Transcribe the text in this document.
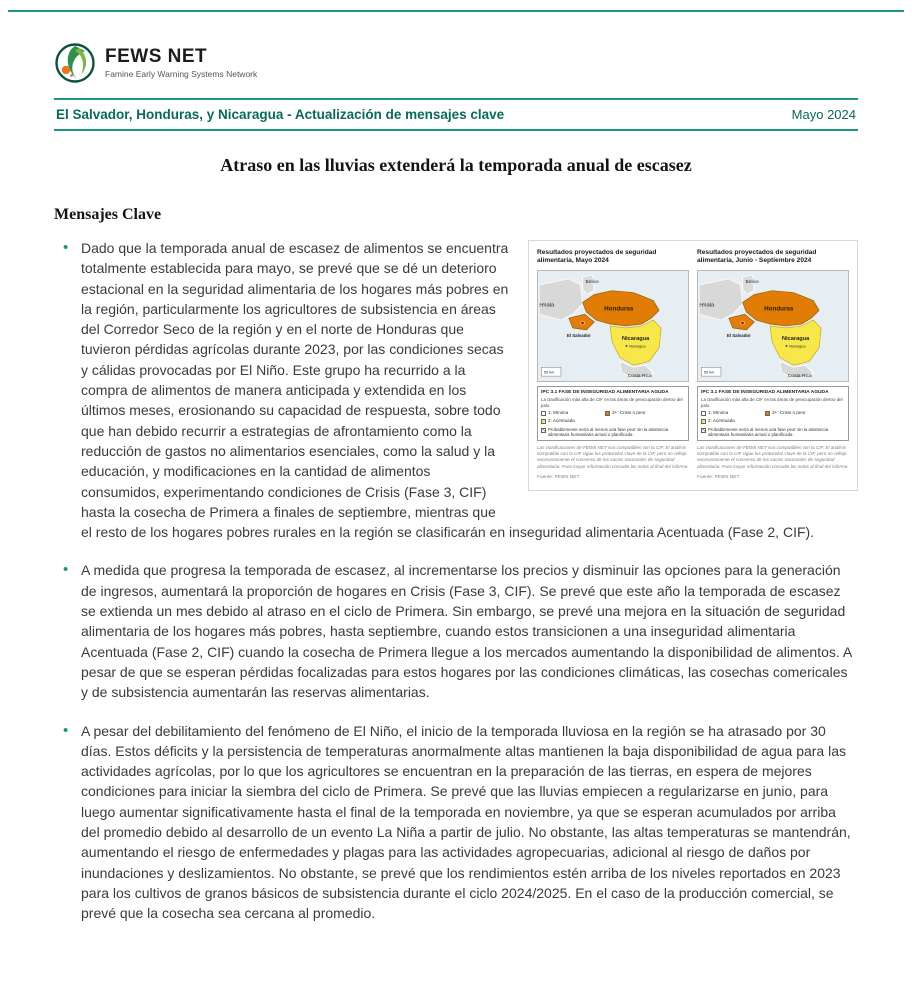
FEWS NET
Famine Early Warning Systems Network
El Salvador, Honduras, y Nicaragua - Actualización de mensajes clave	Mayo 2024
Atraso en las lluvias extenderá la temporada anual de escasez
Mensajes Clave
Resultados proyectados de seguridad alimentaria, Mayo 2024
IPC 3.1 FASE DE INSEGURIDAD ALIMENTARIA AGUDA
La clasificación más alta de CIF en las áreas de preocupación dentro del país
1: Mínima	3+: Crisis o peor
2: Acentuada
Probablemente sería al menos una fase peor sin la asistencia alimentaria humanitaria actual o planificada
Las clasificaciones de FEWS NET son compatibles con la CIF. El análisis compatible con la CIF sigue los protocolos clave de la CIF, pero no refleja necesariamente el consenso de los socios nacionales de seguridad alimentaria. Para mayor información consulte las notas al final del informe.
Fuente: FEWS NET
Resultados proyectados de seguridad alimentaria, Junio - Septiembre 2024
IPC 3.1 FASE DE INSEGURIDAD ALIMENTARIA AGUDA
La clasificación más alta de CIF en las áreas de preocupación dentro del país
1: Mínima	3+: Crisis o peor
2: Acentuada
Probablemente sería al menos una fase peor sin la asistencia alimentaria humanitaria actual o planificada
Las clasificaciones de FEWS NET son compatibles con la CIF. El análisis compatible con la CIF sigue los protocolos clave de la CIF, pero no refleja necesariamente el consenso de los socios nacionales de seguridad alimentaria. Para mayor información consulte las notas al final del informe.
Fuente: FEWS NET
• Dado que la temporada anual de escasez de alimentos se encuentra totalmente establecida para mayo, se prevé que se dé un deterioro estacional en la seguridad alimentaria de los hogares más pobres en la región, particularmente los agricultores de subsistencia en áreas del Corredor Seco de la región y en el norte de Honduras que tuvieron pérdidas agrícolas durante 2023, por las condiciones secas y cálidas provocadas por El Niño. Este grupo ha recurrido a la compra de alimentos de manera anticipada y extendida en los últimos meses, erosionando su capacidad de respuesta, sobre todo que han debido recurrir a estrategias de afrontamiento como la reducción de gastos no alimentarios esenciales, como la salud y la educación, y modificaciones en la cantidad de alimentos consumidos, experimentando condiciones de Crisis (Fase 3, CIF) hasta la cosecha de Primera a finales de septiembre, mientras que el resto de los hogares pobres rurales en la región se clasificarán en inseguridad alimentaria Acentuada (Fase 2, CIF).
• A medida que progresa la temporada de escasez, al incrementarse los precios y disminuir las opciones para la generación de ingresos, aumentará la proporción de hogares en Crisis (Fase 3, CIF). Se prevé que este año la temporada de escasez se extienda un mes debido al atraso en el ciclo de Primera. Sin embargo, se prevé una mejora en la situación de seguridad alimentaria de los hogares más pobres, hasta septiembre, cuando estos transicionen a una inseguridad alimentaria Acentuada (Fase 2, CIF) cuando la cosecha de Primera llegue a los mercados aumentando la disponibilidad de alimentos. A pesar de que se esperan pérdidas focalizadas para estos hogares por las condiciones climáticas, las cosechas comericales y de subsistencia aumentarán las reservas alimentarias.
• A pesar del debilitamiento del fenómeno de El Niño, el inicio de la temporada lluviosa en la región se ha atrasado por 30 días. Estos déficits y la persistencia de temperaturas anormalmente altas mantienen la baja disponibilidad de agua para las actividades agrícolas, por lo que los agricultores se encuentran en la preparación de las tierras, en espera de mejores condiciones para iniciar la siembra del ciclo de Primera. Se prevé que las lluvias empiecen a regularizarse en junio, para luego aumentar significativamente hasta el final de la temporada en noviembre, ya que se esperan acumulados por arriba del promedio debido al desarrollo de un evento La Niña a partir de julio. No obstante, las altas temperaturas se mantendrán, aumentando el riesgo de enfermedades y plagas para las actividades agropecuarias, adicional al riesgo de daños por inundaciones y deslizamientos. No obstante, se prevé que los rendimientos estén arriba de los niveles reportados en 2023 para los cultivos de granos básicos de subsistencia durante el ciclo 2024/2025. En el caso de la producción comercial, se prevé que la cosecha sea cercana al promedio.
